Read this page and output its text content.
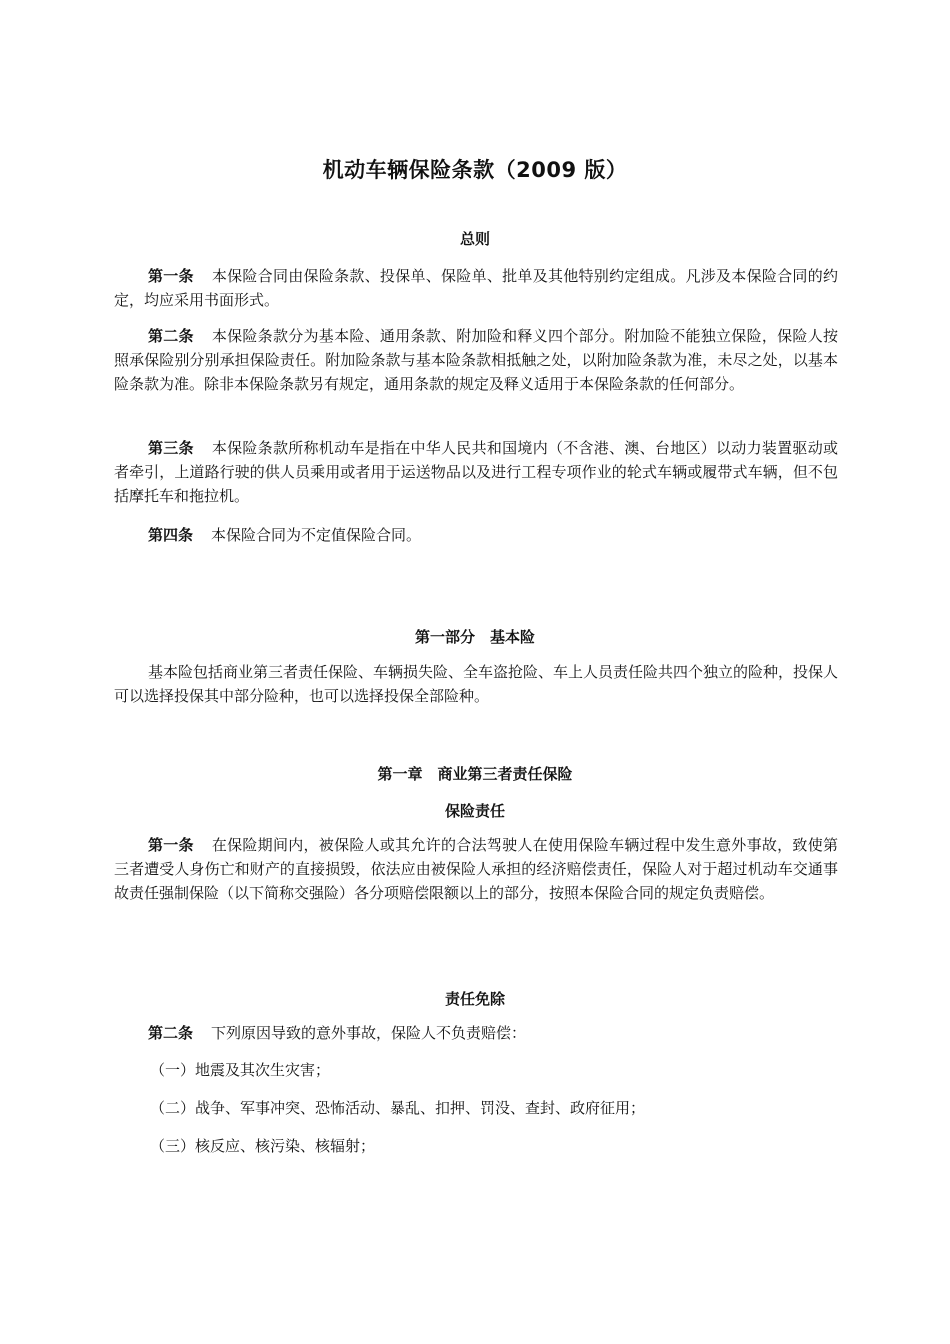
机动车辆保险条款（2009 版）
总则

第一条 本保险合同由保险条款、投保单、保险单、批单及其他特别约定组成。凡涉及本保险合同的约定，均应采用书面形式。

第二条 本保险条款分为基本险、通用条款、附加险和释义四个部分。附加险不能独立保险，保险人按照承保险别分别承担保险责任。附加险条款与基本险条款相抵触之处，以附加险条款为准，未尽之处，以基本险条款为准。除非本保险条款另有规定，通用条款的规定及释义适用于本保险条款的任何部分。

第三条 本保险条款所称机动车是指在中华人民共和国境内（不含港、澳、台地区）以动力装置驱动或者牵引，上道路行驶的供人员乘用或者用于运送物品以及进行工程专项作业的轮式车辆或履带式车辆，但不包括摩托车和拖拉机。

第四条 本保险合同为不定值保险合同。

第一部分　基本险

基本险包括商业第三者责任保险、车辆损失险、全车盗抢险、车上人员责任险共四个独立的险种，投保人可以选择投保其中部分险种，也可以选择投保全部险种。

第一章　商业第三者责任保险
保险责任

第一条 在保险期间内，被保险人或其允许的合法驾驶人在使用保险车辆过程中发生意外事故，致使第三者遭受人身伤亡和财产的直接损毁，依法应由被保险人承担的经济赔偿责任，保险人对于超过机动车交通事故责任强制保险（以下简称交强险）各分项赔偿限额以上的部分，按照本保险合同的规定负责赔偿。

责任免除

第二条 下列原因导致的意外事故，保险人不负责赔偿：

（一）地震及其次生灾害；

（二）战争、军事冲突、恐怖活动、暴乱、扣押、罚没、查封、政府征用；

（三）核反应、核污染、核辐射；
